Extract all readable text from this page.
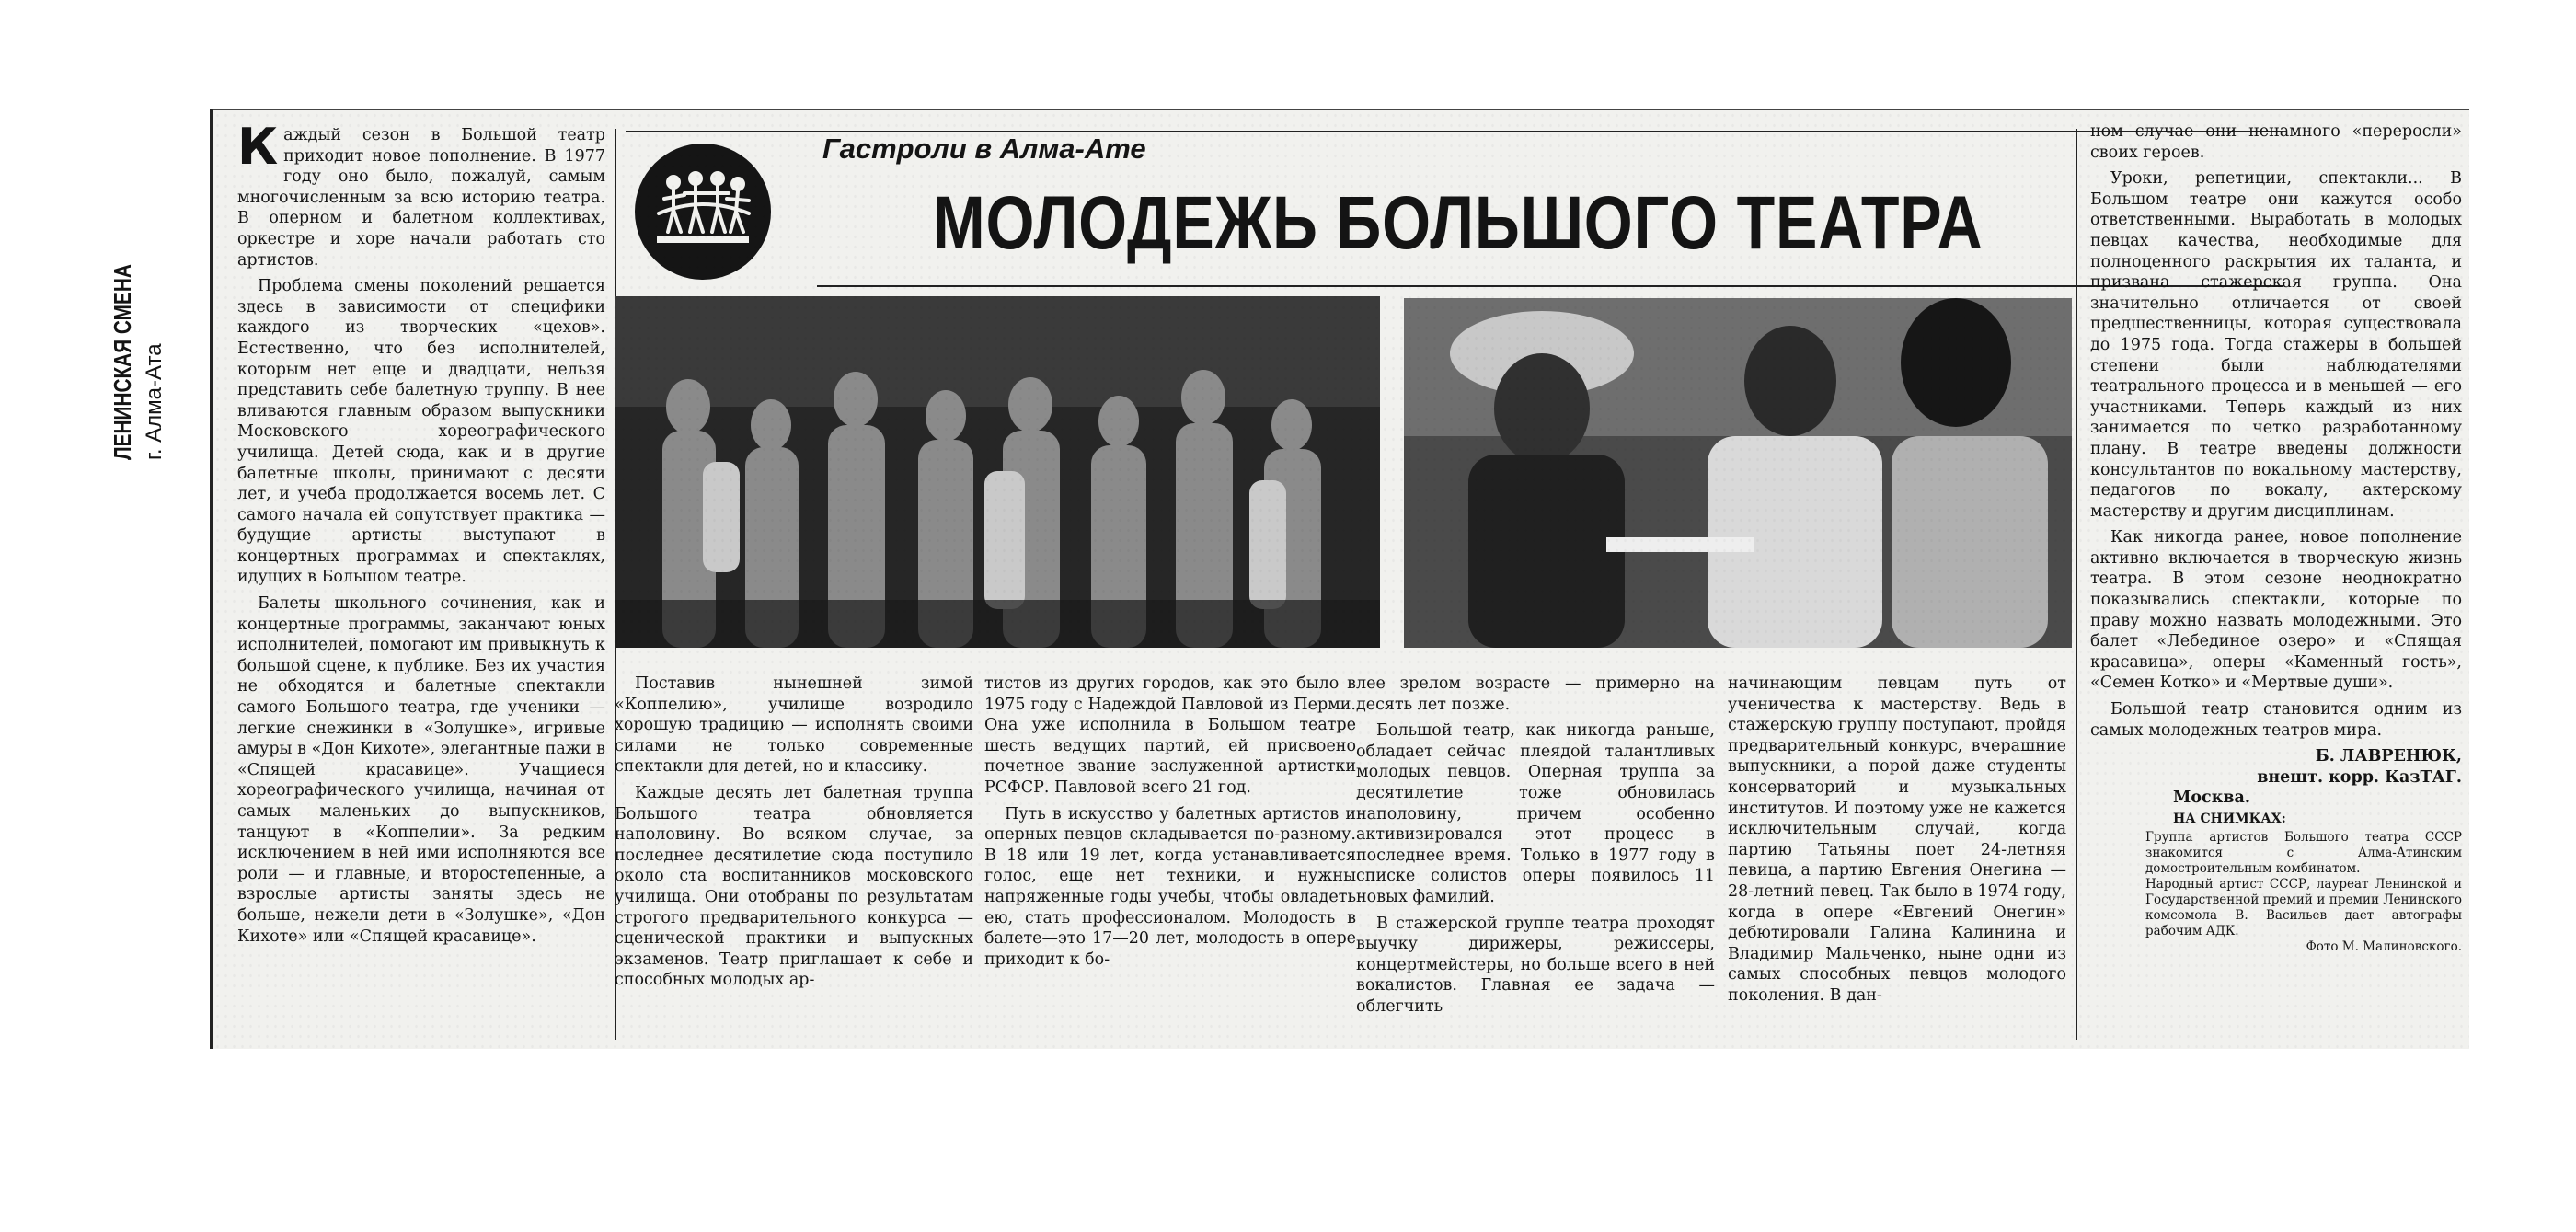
ЛЕНИНСКАЯ СМЕНА г. Алма-Ата

Каждый сезон в Большой театр приходит новое пополнение. В 1977 году оно было, пожалуй, самым многочисленным за всю историю театра. В оперном и балетном коллективах, оркестре и хоре начали работать сто артистов.

Проблема смены поколений решается здесь в зависимости от специфики каждого из творческих «цехов». Естественно, что без исполнителей, которым нет еще и двадцати, нельзя представить себе балетную труппу. В нее вливаются главным образом выпускники Московского хореографического училища. Детей сюда, как и в другие балетные школы, принимают с десяти лет, и учеба продолжается восемь лет. С самого начала ей сопутствует практика — будущие артисты выступают в концертных программах и спектаклях, идущих в Большом театре.

Балеты школьного сочинения, как и концертные программы, заканчают юных исполнителей, помогают им привыкнуть к большой сцене, к публике. Без их участия не обходятся и балетные спектакли самого Большого театра, где ученики — легкие снежинки в «Золушке», игривые амуры в «Дон Кихоте», элегантные пажи в «Спящей красавице». Учащиеся хореографического училища, начиная от самых маленьких до выпускников, танцуют в «Коппелии». За редким исключением в ней ими исполняются все роли — и главные, и второстепенные, а взрослые артисты заняты здесь не больше, нежели дети в «Золушке», «Дон Кихоте» или «Спящей красавице».

Гастроли в Алма-Ате
МОЛОДЕЖЬ БОЛЬШОГО ТЕАТРА

Поставив нынешней зимой «Коппелию», училище возродило хорошую традицию — исполнять своими силами не только современные спектакли для детей, но и классику.

Каждые десять лет балетная труппа Большого театра обновляется наполовину. Во всяком случае, за последнее десятилетие сюда поступило около ста воспитанников московского училища. Они отобраны по результатам строгого предварительного конкурса — сценической практики и выпускных экзаменов. Театр приглашает к себе и способных молодых ар-

тистов из других городов, как это было в 1975 году с Надеждой Павловой из Перми. Она уже исполнила в Большом театре шесть ведущих партий, ей присвоено почетное звание заслуженной артистки РСФСР. Павловой всего 21 год.

Путь в искусство у балетных артистов и оперных певцов складывается по-разному. В 18 или 19 лет, когда устанавливается голос, еще нет техники, и нужны напряженные годы учебы, чтобы овладеть ею, стать профессионалом. Молодость в балете—это 17—20 лет, молодость в опере приходит к бо-

лее зрелом возрасте — примерно на десять лет позже.

Большой театр, как никогда раньше, обладает сейчас плеядой талантливых молодых певцов. Оперная труппа за десятилетие тоже обновилась наполовину, причем особенно активизировался этот процесс в последнее время. Только в 1977 году в списке солистов оперы появилось 11 новых фамилий.

В стажерской группе театра проходят выучку дирижеры, режиссеры, концертмейстеры, но больше всего в ней вокалистов. Главная ее задача — облегчить

начинающим певцам путь от ученичества к мастерству. Ведь в стажерскую группу поступают, пройдя предварительный конкурс, вчерашние выпускники, а порой даже студенты консерваторий и музыкальных институтов. И поэтому уже не кажется исключительным случай, когда партию Татьяны поет 24-летняя певица, а партию Евгения Онегина — 28-летний певец. Так было в 1974 году, когда в опере «Евгений Онегин» дебютировали Галина Калинина и Владимир Мальченко, ныне одни из самых способных певцов молодого поколения. В дан-

ном случае они ненамного «переросли» своих героев.

Уроки, репетиции, спектакли... В Большом театре они кажутся особо ответственными. Выработать в молодых певцах качества, необходимые для полноценного раскрытия их таланта, и призвана стажерская группа. Она значительно отличается от своей предшественницы, которая существовала до 1975 года. Тогда стажеры в большей степени были наблюдателями театрального процесса и в меньшей — его участниками. Теперь каждый из них занимается по четко разработанному плану. В театре введены должности консультантов по вокальному мастерству, педагогов по вокалу, актерскому мастерству и другим дисциплинам.

Как никогда ранее, новое пополнение активно включается в творческую жизнь театра. В этом сезоне неоднократно показывались спектакли, которые по праву можно назвать молодежными. Это балет «Лебединое озеро» и «Спящая красавица», оперы «Каменный гость», «Семен Котко» и «Мертвые души».

Большой театр становится одним из самых молодежных театров мира.

Б. ЛАВРЕНЮК,
внешт. корр. КазТАГ.
Москва.
НА СНИМКАХ:
Группа артистов Большого театра СССР знакомится с Алма-Атинским домостроительным комбинатом.
Народный артист СССР, лауреат Ленинской и Государственной премий и премии Ленинского комсомола В. Васильев дает автографы рабочим АДК.
Фото М. Малиновского.
